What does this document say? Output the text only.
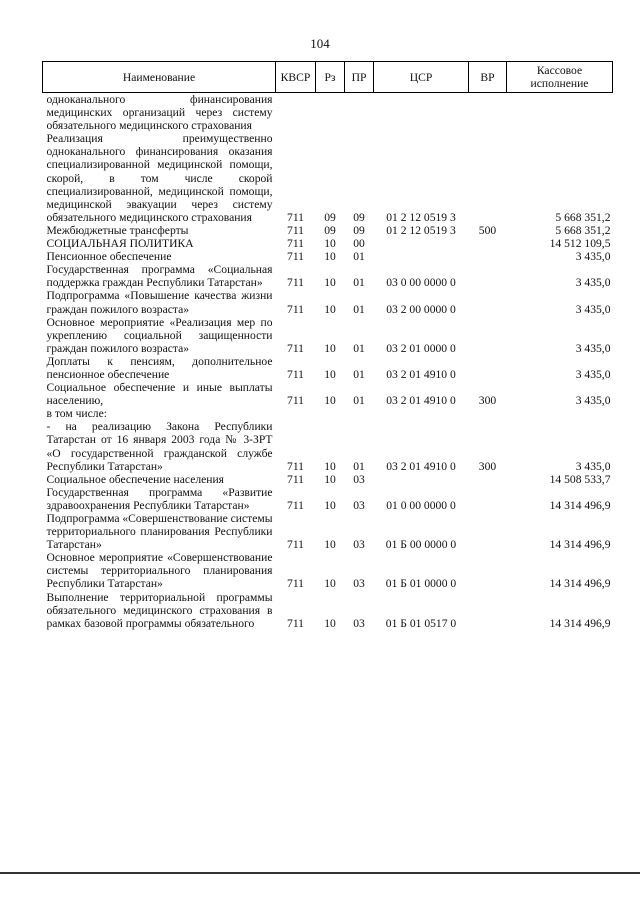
104
Наименование	КВСР	Рз	ПР	ЦСР	ВР	Кассовое исполнение
одноканального финансирования медицинских организаций через систему обязательного медицинского страхования						
Реализация преимущественно одноканального финансирования оказания специализированной медицинской помощи, скорой, в том числе скорой специализированной, медицинской помощи, медицинской эвакуации через систему обязательного медицинского страхования	711	09	09	01 2 12 0519 3		5 668 351,2
Межбюджетные трансферты	711	09	09	01 2 12 0519 3	500	5 668 351,2
СОЦИАЛЬНАЯ ПОЛИТИКА	711	10	00			14 512 109,5
Пенсионное обеспечение	711	10	01			3 435,0
Государственная программа «Социальная поддержка граждан Республики Татарстан»	711	10	01	03 0 00 0000 0		3 435,0
Подпрограмма «Повышение качества жизни граждан пожилого возраста»	711	10	01	03 2 00 0000 0		3 435,0
Основное мероприятие «Реализация мер по укреплению социальной защищенности граждан пожилого возраста»	711	10	01	03 2 01 0000 0		3 435,0
Доплаты к пенсиям, дополнительное пенсионное обеспечение	711	10	01	03 2 01 4910 0		3 435,0
Социальное обеспечение и иные выплаты населению,	711	10	01	03 2 01 4910 0	300	3 435,0
в том числе:						
- на реализацию Закона Республики Татарстан от 16 января 2003 года № 3-ЗРТ «О государственной гражданской службе Республики Татарстан»	711	10	01	03 2 01 4910 0	300	3 435,0
Социальное обеспечение населения	711	10	03			14 508 533,7
Государственная программа «Развитие здравоохранения Республики Татарстан»	711	10	03	01 0 00 0000 0		14 314 496,9
Подпрограмма «Совершенствование системы территориального планирования Республики Татарстан»	711	10	03	01 Б 00 0000 0		14 314 496,9
Основное мероприятие «Совершенствование системы территориального планирования Республики Татарстан»	711	10	03	01 Б 01 0000 0		14 314 496,9
Выполнение территориальной программы обязательного медицинского страхования в рамках базовой программы обязательного	711	10	03	01 Б 01 0517 0		14 314 496,9
